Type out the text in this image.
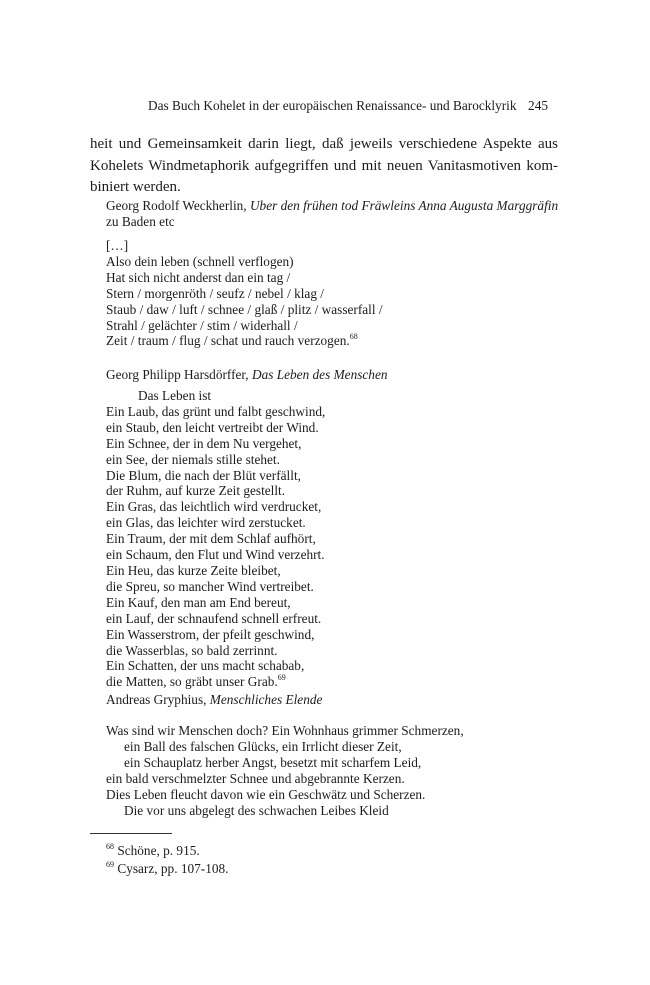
Das Buch Kohelet in der europäischen Renaissance- und Barocklyrik 245
heit und Gemeinsamkeit darin liegt, daß jeweils verschiedene Aspekte aus
Kohelets Windmetaphorik aufgegriffen und mit neuen Vanitasmotiven kom-
biniert werden.
Georg Rodolf Weckherlin, Uber den frühen tod Fräwleins Anna Augusta Marggräfin
zu Baden etc
[…]
Also dein leben (schnell verflogen)
Hat sich nicht anderst dan ein tag /
Stern / morgenröth / seufz / nebel / klag /
Staub / daw / luft / schnee / glaß / plitz / wasserfall /
Strahl / gelächter / stim / widerhall /
Zeit / traum / flug / schat und rauch verzogen.$^{68}$
Georg Philipp Harsdörffer, Das Leben des Menschen
Das Leben ist
Ein Laub, das grünt und falbt geschwind,
ein Staub, den leicht vertreibt der Wind.
Ein Schnee, der in dem Nu vergehet,
ein See, der niemals stille stehet.
Die Blum, die nach der Blüt verfällt,
der Ruhm, auf kurze Zeit gestellt.
Ein Gras, das leichtlich wird verdrucket,
ein Glas, das leichter wird zerstucket.
Ein Traum, der mit dem Schlaf aufhört,
ein Schaum, den Flut und Wind verzehrt.
Ein Heu, das kurze Zeite bleibet,
die Spreu, so mancher Wind vertreibet.
Ein Kauf, den man am End bereut,
ein Lauf, der schnaufend schnell erfreut.
Ein Wasserstrom, der pfeilt geschwind,
die Wasserblas, so bald zerrinnt.
Ein Schatten, der uns macht schabab,
die Matten, so gräbt unser Grab.$^{69}$
Andreas Gryphius, Menschliches Elende
Was sind wir Menschen doch? Ein Wohnhaus grimmer Schmerzen,
ein Ball des falschen Glücks, ein Irrlicht dieser Zeit,
ein Schauplatz herber Angst, besetzt mit scharfem Leid,
ein bald verschmelzter Schnee und abgebrannte Kerzen.
Dies Leben fleucht davon wie ein Geschwätz und Scherzen.
Die vor uns abgelegt des schwachen Leibes Kleid
$^{68}$ Schöne, p. 915.
$^{69}$ Cysarz, pp. 107-108.
